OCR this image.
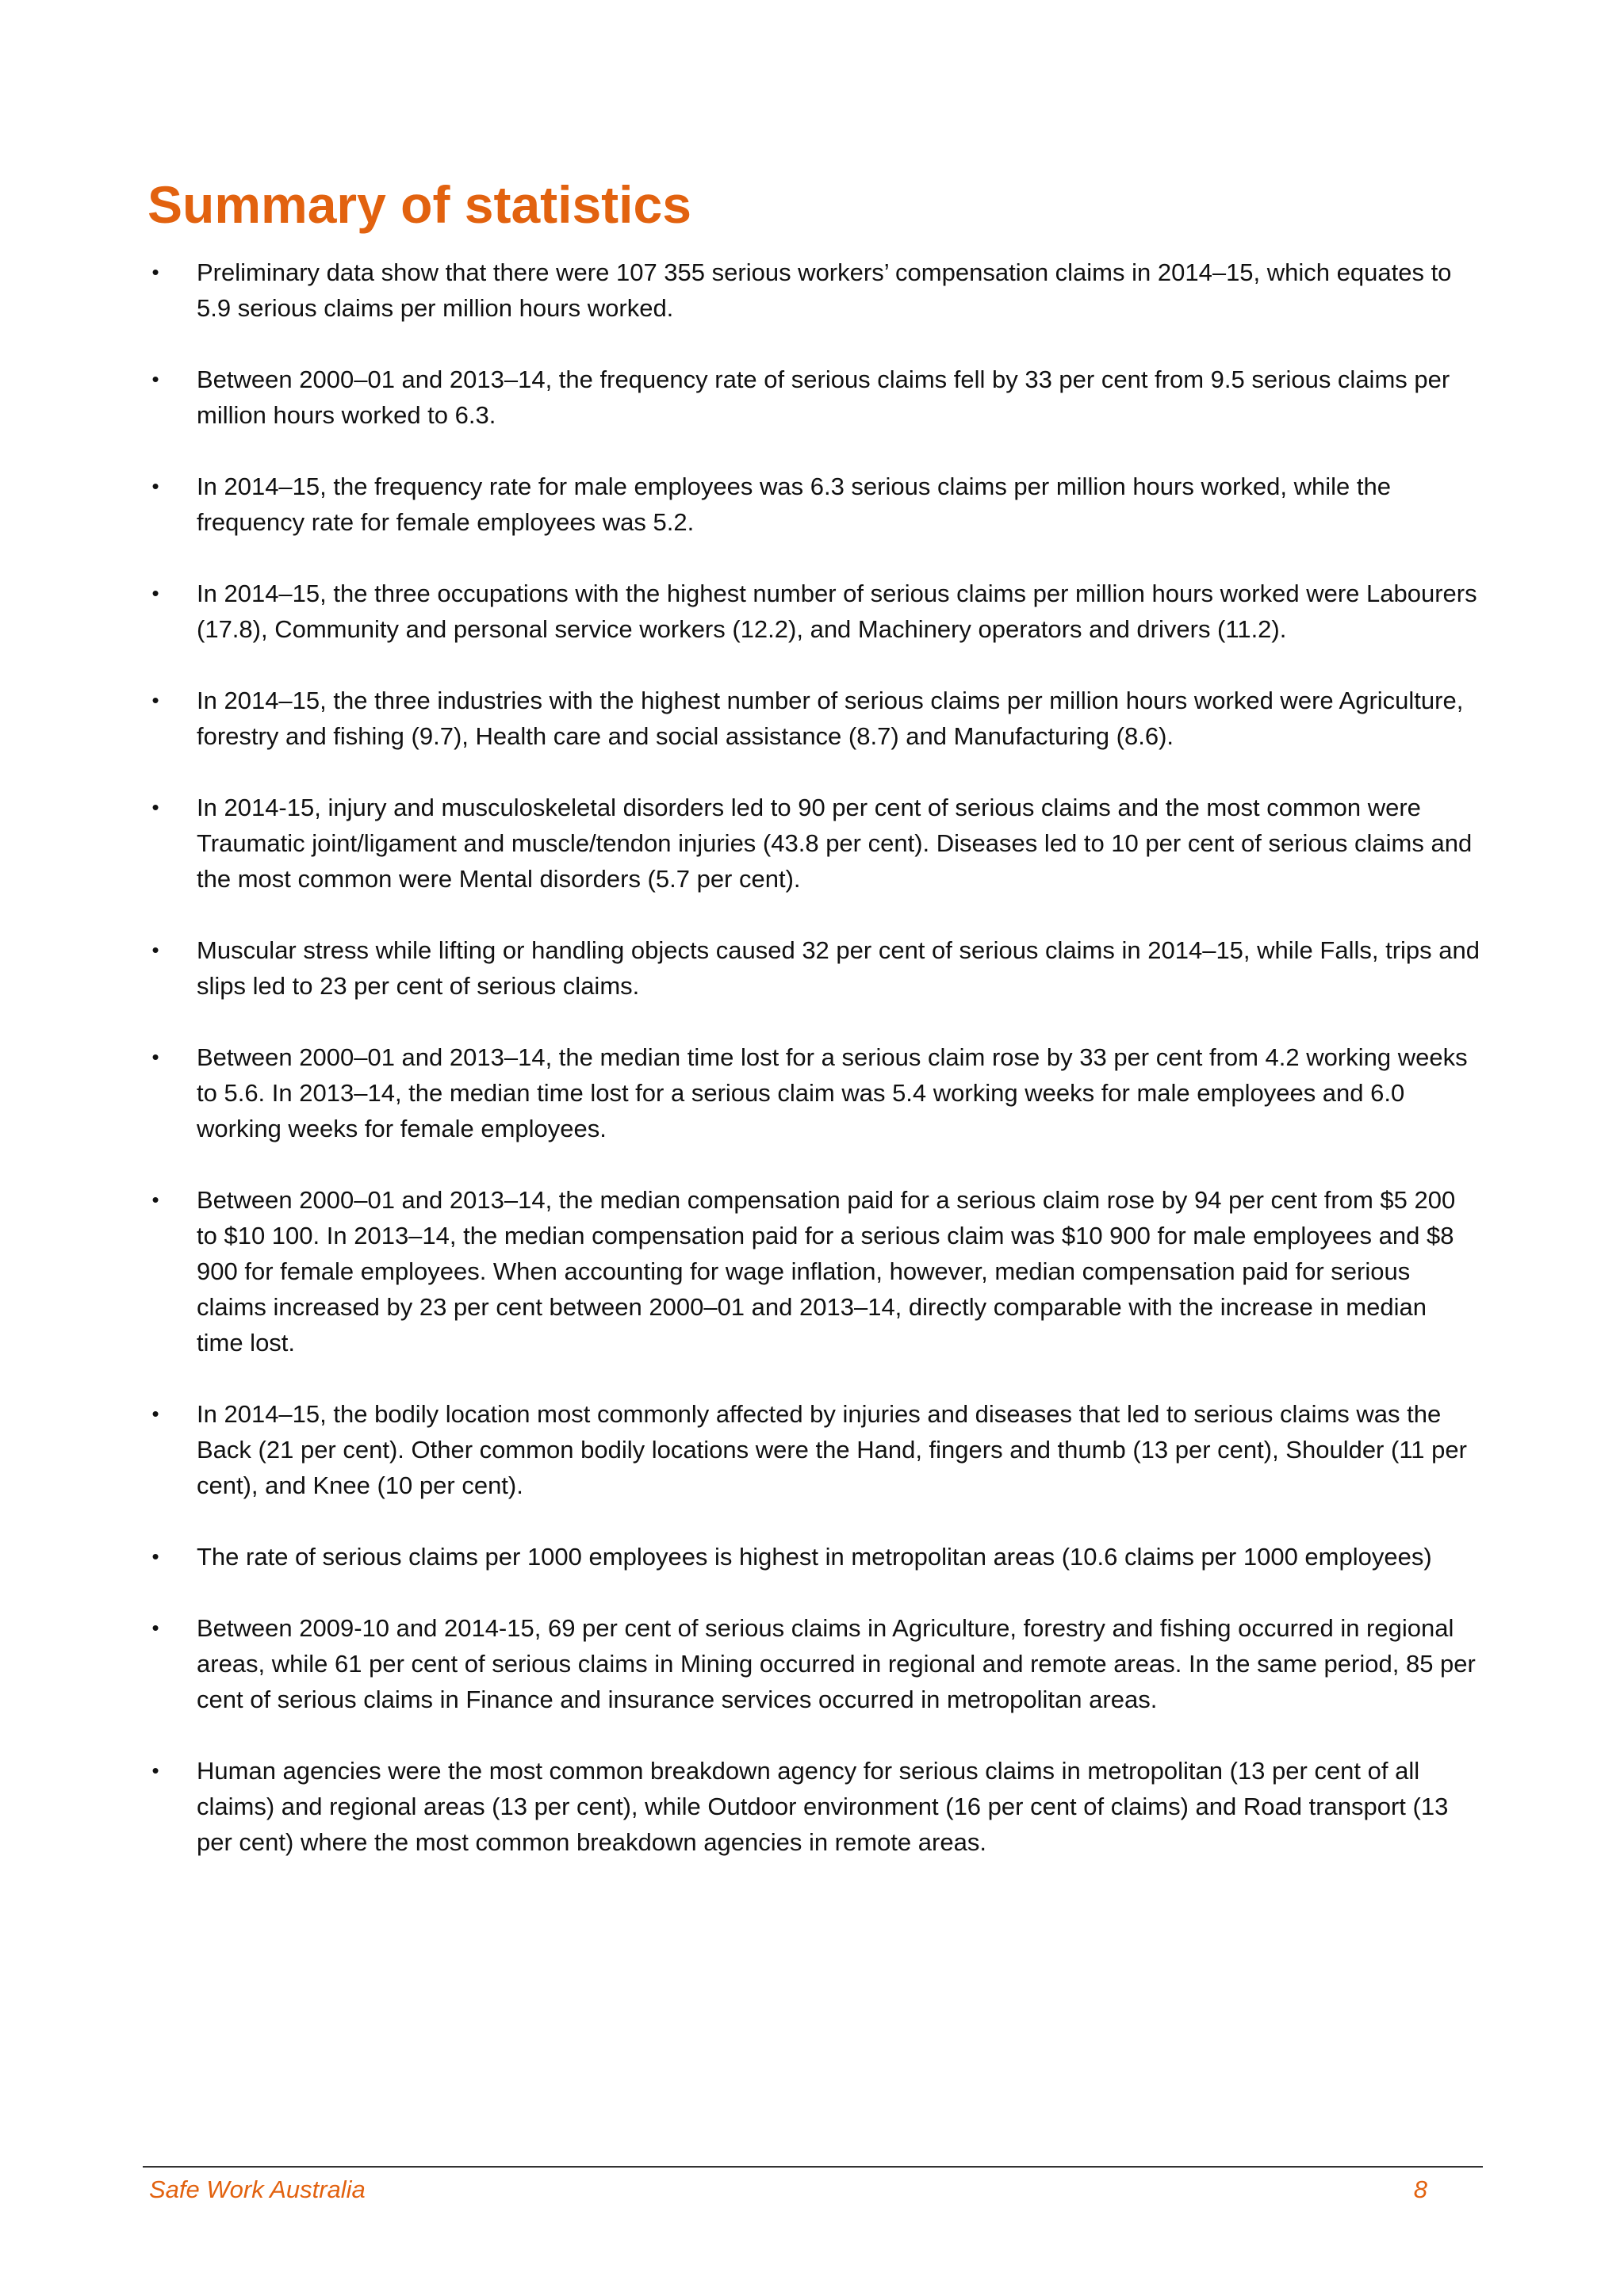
Summary of statistics
• Preliminary data show that there were 107 355 serious workers’ compensation claims in 2014–15, which equates to 5.9 serious claims per million hours worked.
• Between 2000–01 and 2013–14, the frequency rate of serious claims fell by 33 per cent from 9.5 serious claims per million hours worked to 6.3.
• In 2014–15, the frequency rate for male employees was 6.3 serious claims per million hours worked, while the frequency rate for female employees was 5.2.
• In 2014–15, the three occupations with the highest number of serious claims per million hours worked were Labourers (17.8), Community and personal service workers (12.2), and Machinery operators and drivers (11.2).
• In 2014–15, the three industries with the highest number of serious claims per million hours worked were Agriculture, forestry and fishing (9.7), Health care and social assistance (8.7) and Manufacturing (8.6).
• In 2014-15, injury and musculoskeletal disorders led to 90 per cent of serious claims and the most common were Traumatic joint/ligament and muscle/tendon injuries (43.8 per cent). Diseases led to 10 per cent of serious claims and the most common were Mental disorders (5.7 per cent).
• Muscular stress while lifting or handling objects caused 32 per cent of serious claims in 2014–15, while Falls, trips and slips led to 23 per cent of serious claims.
• Between 2000–01 and 2013–14, the median time lost for a serious claim rose by 33 per cent from 4.2 working weeks to 5.6. In 2013–14, the median time lost for a serious claim was 5.4 working weeks for male employees and 6.0 working weeks for female employees.
• Between 2000–01 and 2013–14, the median compensation paid for a serious claim rose by 94 per cent from $5 200 to $10 100. In 2013–14, the median compensation paid for a serious claim was $10 900 for male employees and $8 900 for female employees. When accounting for wage inflation, however, median compensation paid for serious claims increased by 23 per cent between 2000–01 and 2013–14, directly comparable with the increase in median time lost.
• In 2014–15, the bodily location most commonly affected by injuries and diseases that led to serious claims was the Back (21 per cent). Other common bodily locations were the Hand, fingers and thumb (13 per cent), Shoulder (11 per cent), and Knee (10 per cent).
• The rate of serious claims per 1000 employees is highest in metropolitan areas (10.6 claims per 1000 employees)
• Between 2009-10 and 2014-15, 69 per cent of serious claims in Agriculture, forestry and fishing occurred in regional areas, while 61 per cent of serious claims in Mining occurred in regional and remote areas. In the same period, 85 per cent of serious claims in Finance and insurance services occurred in metropolitan areas.
• Human agencies were the most common breakdown agency for serious claims in metropolitan (13 per cent of all claims) and regional areas (13 per cent), while Outdoor environment (16 per cent of claims) and Road transport (13 per cent) where the most common breakdown agencies in remote areas.
Safe Work Australia	8
